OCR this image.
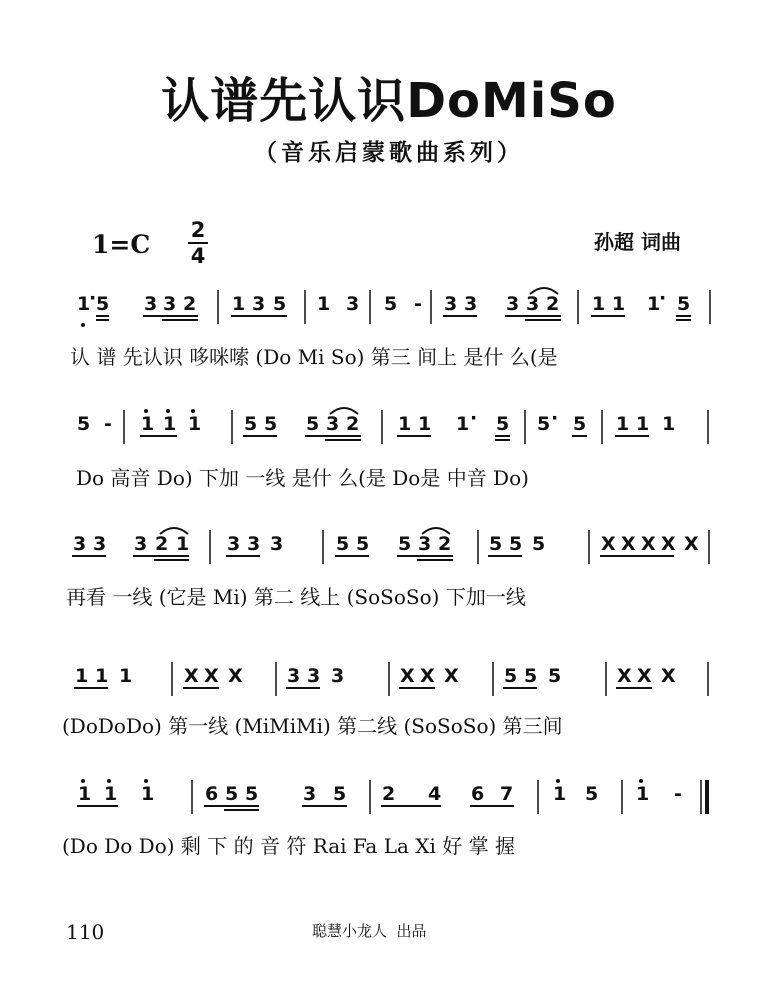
认谱先认识DoMiSo
（音乐启蒙歌曲系列）
1=C 2
4
孙超 词曲
1
· 5 3 3 2 1 3 5 1 3 5 - 3 3 3 3 2 1 1 1
· 5
认 谱 先认识 哆咪嗦 (Do Mi So) 第三 间上 是什 么(是
5 - 1 1 1 5 5 5 3 2 1 1 1 · 5 5 · 5 1 1 1
Do 高音 Do) 下加 一线 是什 么(是 Do是 中音 Do)
3 3 3 2 1 3 3 3	5 5 5 3 2 5 5 5	X X X X X
再看 一线 (它是 Mi) 第二 线上 (SoSoSo) 下加一线
1 1 1	X X X 3 3 3	X X X 5 5 5	X X X
(DoDoDo) 第一线 (MiMiMi) 第二线 (SoSoSo) 第三间
1 1 1	6 5 5 3 5 2 4 6 7 1 5 1 -
(Do Do Do) 剩 下 的 音 符 Rai Fa La Xi 好 掌 握
110	聪慧小龙人  出品
